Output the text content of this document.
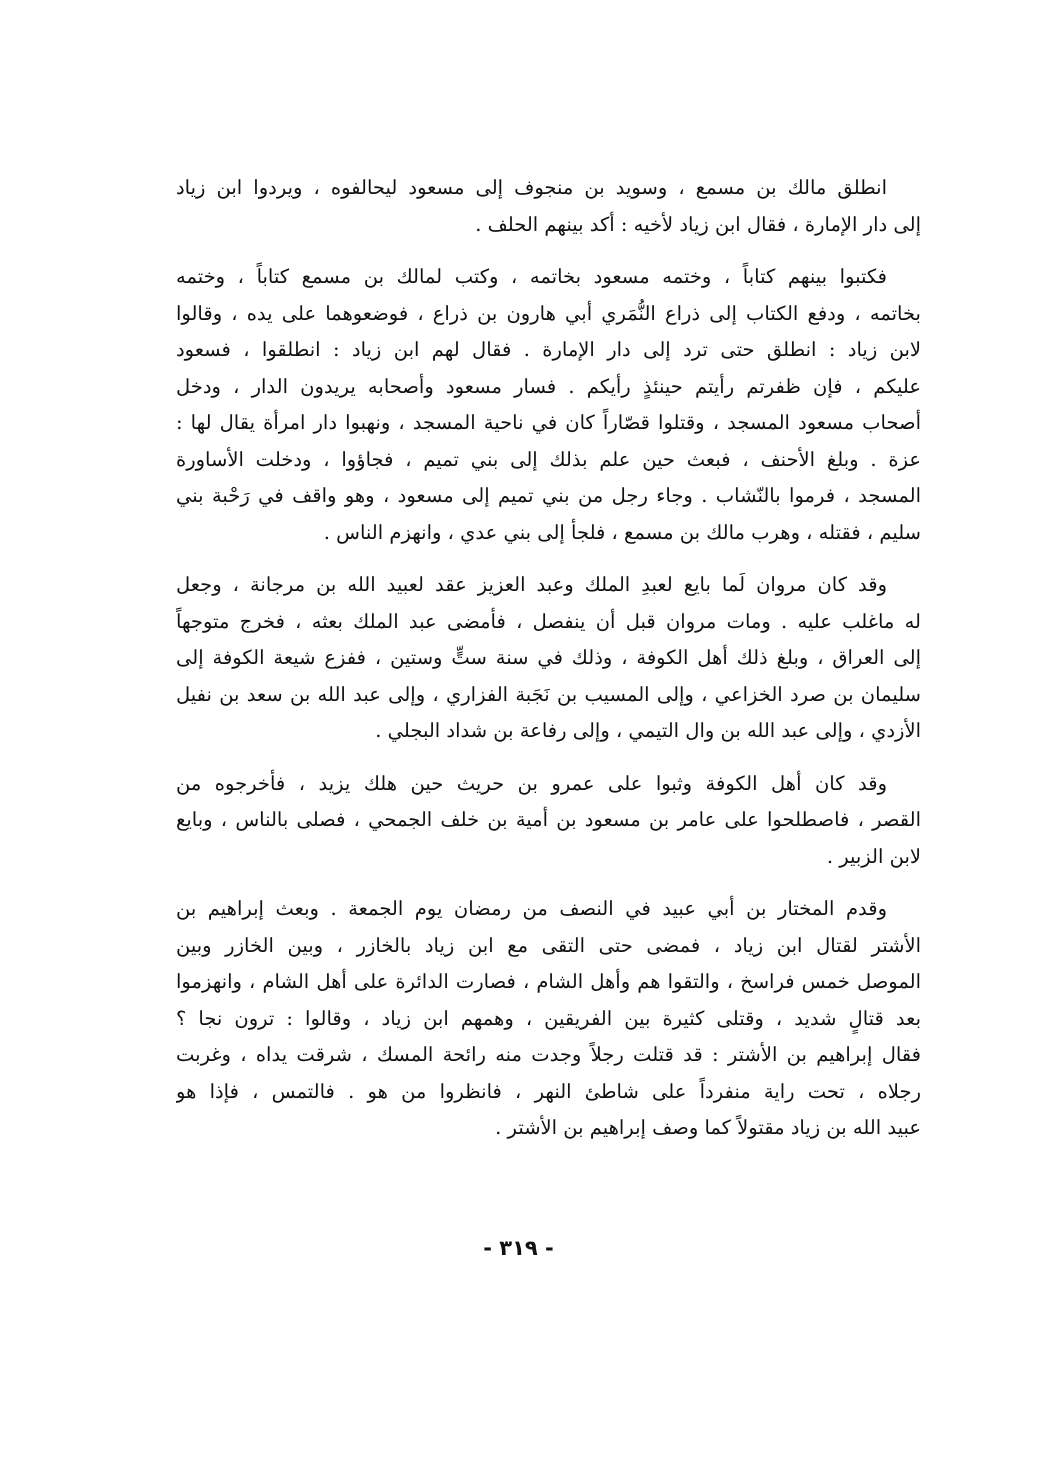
انطلق مالك بن مسمع ، وسويد بن منجوف إلى مسعود ليحالفوه ، ويردوا ابن زياد
إلى دار الإمارة ، فقال ابن زياد لأخيه : أكد بينهم الحلف .
فكتبوا بينهم كتاباً ، وختمه مسعود بخاتمه ، وكتب لمالك بن مسمع كتاباً ، وختمه
بخاتمه ، ودفع الكتاب إلى ذراع النُّمَري أبي هارون بن ذراع ، فوضعوهما على يده ، وقالوا
لابن زياد : انطلق حتى ترد إلى دار الإمارة . فقال لهم ابن زياد : انطلقوا ، فسعود
عليكم ، فإن ظفرتم رأيتم حينئذٍ رأيكم . فسار مسعود وأصحابه يريدون الدار ، ودخل
أصحاب مسعود المسجد ، وقتلوا قصّاراً كان في ناحية المسجد ، ونهبوا دار امرأة يقال لها :
عزة . وبلغ الأحنف ، فبعث حين علم بذلك إلى بني تميم ، فجاؤوا ، ودخلت الأساورة
المسجد ، فرموا بالنّشاب . وجاء رجل من بني تميم إلى مسعود ، وهو واقف في رَحْبة بني
سليم ، فقتله ، وهرب مالك بن مسمع ، فلجأ إلى بني عدي ، وانهزم الناس .
وقد كان مروان لَما بايع لعبدِ الملك وعبد العزيز عقد لعبيد الله بن مرجانة ، وجعل
له ماغلب عليه . ومات مروان قبل أن ينفصل ، فأمضى عبد الملك بعثه ، فخرج متوجهاً
إلى العراق ، وبلغ ذلك أهل الكوفة ، وذلك في سنة ستٍّ وستين ، ففزع شيعة الكوفة إلى
سليمان بن صرد الخزاعي ، وإلى المسيب بن نَجَبة الفزاري ، وإلى عبد الله بن سعد بن نفيل
الأزدي ، وإلى عبد الله بن وال التيمي ، وإلى رفاعة بن شداد البجلي .
وقد كان أهل الكوفة وثبوا على عمرو بن حريث حين هلك يزيد ، فأخرجوه من
القصر ، فاصطلحوا على عامر بن مسعود بن أمية بن خلف الجمحي ، فصلى بالناس ، وبايع
لابن الزبير .
وقدم المختار بن أبي عبيد في النصف من رمضان يوم الجمعة . وبعث إبراهيم بن
الأشتر لقتال ابن زياد ، فمضى حتى التقى مع ابن زياد بالخازر ، وبين الخازر وبين
الموصل خمس فراسخ ، والتقوا هم وأهل الشام ، فصارت الدائرة على أهل الشام ، وانهزموا
بعد قتالٍ شديد ، وقتلى كثيرة بين الفريقين ، وهمهم ابن زياد ، وقالوا : ترون نجا ؟
فقال إبراهيم بن الأشتر : قد قتلت رجلاً وجدت منه رائحة المسك ، شرقت يداه ، وغربت
رجلاه ، تحت راية منفرداً على شاطئ النهر ، فانظروا من هو . فالتمس ، فإذا هو
عبيد الله بن زياد مقتولاً كما وصف إبراهيم بن الأشتر .
- ٣١٩ -
